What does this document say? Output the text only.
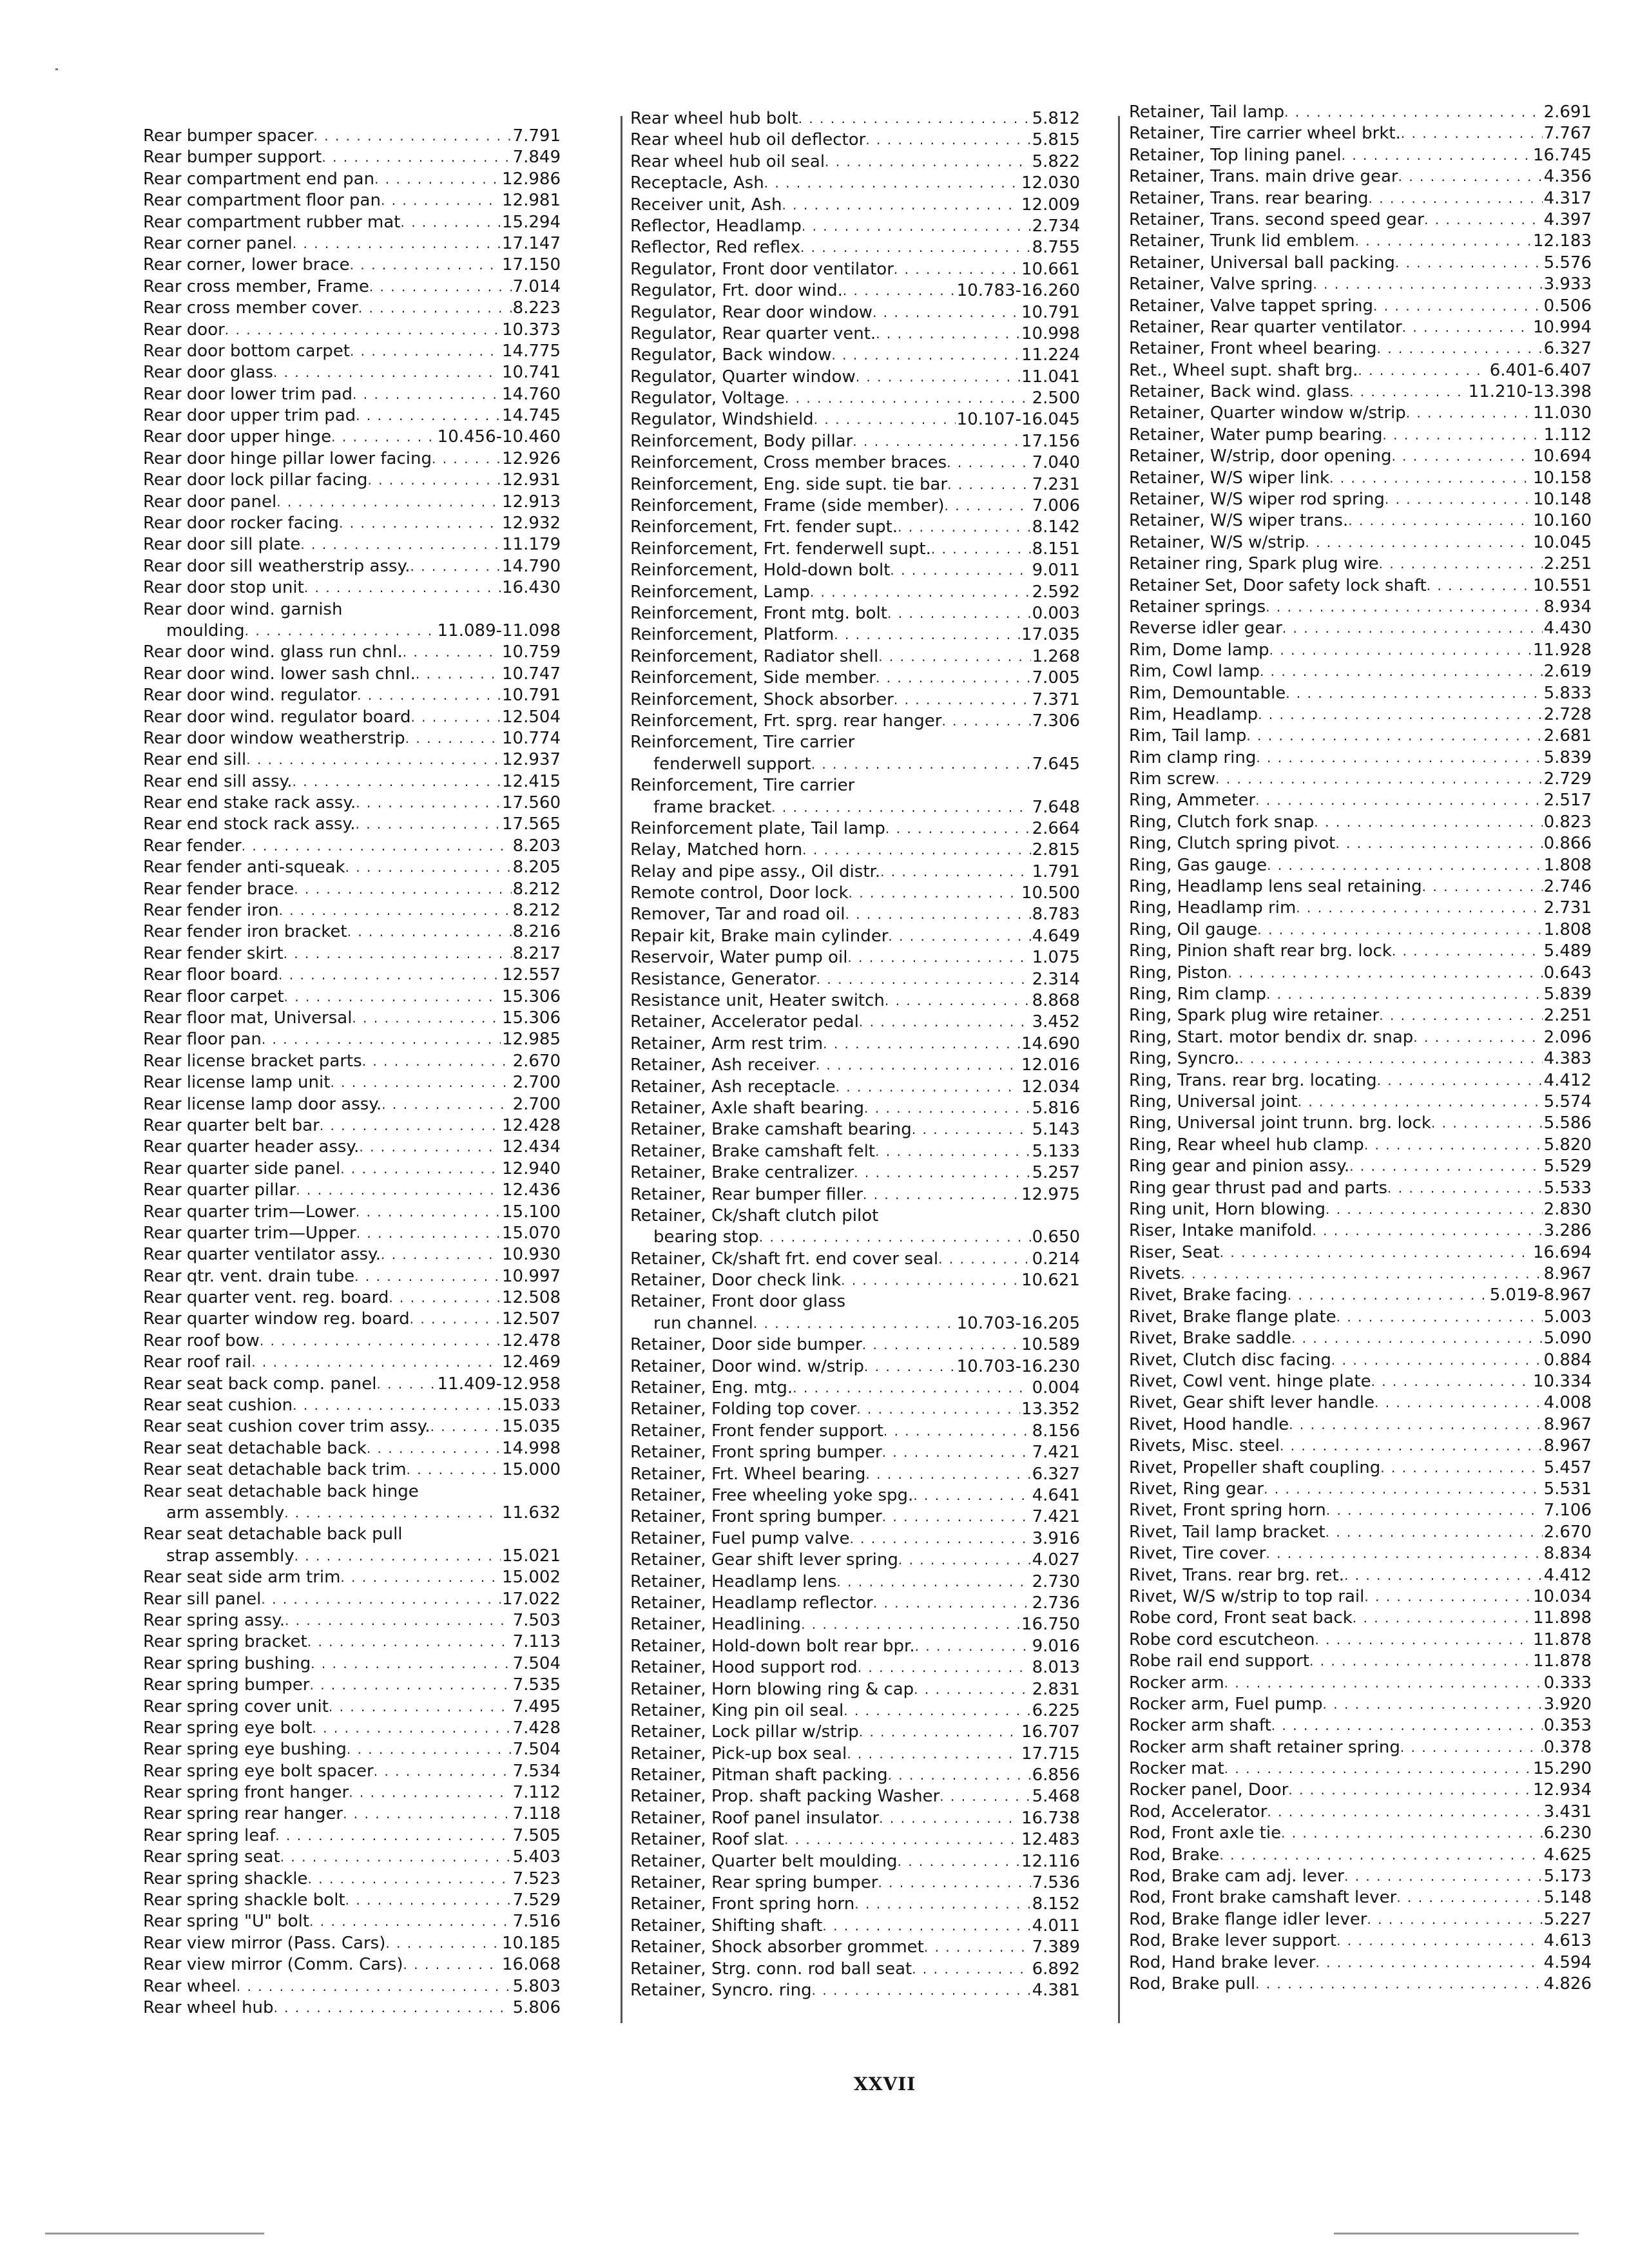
Rear bumper spacer . . .	7.791
Rear bumper support . . .	7.849
Rear compartment end pan . . .	12.986
Rear compartment floor pan . . .	12.981
Rear compartment rubber mat . . .	15.294
Rear corner panel . . .	17.147
Rear corner, lower brace . . .	17.150
Rear cross member, Frame . . .	7.014
Rear cross member cover . . .	8.223
Rear door . . .	10.373
Rear door bottom carpet . . .	14.775
Rear door glass . . .	10.741
Rear door lower trim pad . . .	14.760
Rear door upper trim pad . . .	14.745
Rear door upper hinge . . .	10.456-10.460
Rear door hinge pillar lower facing . . .	12.926
Rear door lock pillar facing . . .	12.931
Rear door panel . . .	12.913
Rear door rocker facing . . .	12.932
Rear door sill plate . . .	11.179
Rear door sill weatherstrip assy. . . .	14.790
Rear door stop unit . . .	16.430
Rear door wind. garnish
moulding . . .	11.089-11.098
Rear door wind. glass run chnl. . . .	10.759
Rear door wind. lower sash chnl. . . .	10.747
Rear door wind. regulator . . .	10.791
Rear door wind. regulator board . . .	12.504
Rear door window weatherstrip . . .	10.774
Rear end sill . . .	12.937
Rear end sill assy. . . .	12.415
Rear end stake rack assy. . . .	17.560
Rear end stock rack assy. . . .	17.565
Rear fender . . .	8.203
Rear fender anti-squeak . . .	8.205
Rear fender brace . . .	8.212
Rear fender iron . . .	8.212
Rear fender iron bracket . . .	8.216
Rear fender skirt . . .	8.217
Rear floor board . . .	12.557
Rear floor carpet . . .	15.306
Rear floor mat, Universal . . .	15.306
Rear floor pan . . .	12.985
Rear license bracket parts . . .	2.670
Rear license lamp unit . . .	2.700
Rear license lamp door assy. . . .	2.700
Rear quarter belt bar . . .	12.428
Rear quarter header assy. . . .	12.434
Rear quarter side panel . . .	12.940
Rear quarter pillar . . .	12.436
Rear quarter trim—Lower . . .	15.100
Rear quarter trim—Upper . . .	15.070
Rear quarter ventilator assy. . . .	10.930
Rear qtr. vent. drain tube . . .	10.997
Rear quarter vent. reg. board . . .	12.508
Rear quarter window reg. board . . .	12.507
Rear roof bow . . .	12.478
Rear roof rail . . .	12.469
Rear seat back comp. panel . . .	11.409-12.958
Rear seat cushion . . .	15.033
Rear seat cushion cover trim assy. . . .	15.035
Rear seat detachable back . . .	14.998
Rear seat detachable back trim . . .	15.000
Rear seat detachable back hinge
arm assembly . . .	11.632
Rear seat detachable back pull
strap assembly . . .	15.021
Rear seat side arm trim . . .	15.002
Rear sill panel . . .	17.022
Rear spring assy. . . .	7.503
Rear spring bracket . . .	7.113
Rear spring bushing . . .	7.504
Rear spring bumper . . .	7.535
Rear spring cover unit . . .	7.495
Rear spring eye bolt . . .	7.428
Rear spring eye bushing . . .	7.504
Rear spring eye bolt spacer . . .	7.534
Rear spring front hanger . . .	7.112
Rear spring rear hanger . . .	7.118
Rear spring leaf . . .	7.505
Rear spring seat . . .	5.403
Rear spring shackle . . .	7.523
Rear spring shackle bolt . . .	7.529
Rear spring "U" bolt . . .	7.516
Rear view mirror (Pass. Cars) . . .	10.185
Rear view mirror (Comm. Cars) . . .	16.068
Rear wheel . . .	5.803
Rear wheel hub . . .	5.806
Rear wheel hub bolt . . .	5.812
Rear wheel hub oil deflector . . .	5.815
Rear wheel hub oil seal . . .	5.822
Receptacle, Ash . . .	12.030
Receiver unit, Ash . . .	12.009
Reflector, Headlamp . . .	2.734
Reflector, Red reflex . . .	8.755
Regulator, Front door ventilator . . .	10.661
Regulator, Frt. door wind. . . .	10.783-16.260
Regulator, Rear door window . . .	10.791
Regulator, Rear quarter vent. . . .	10.998
Regulator, Back window . . .	11.224
Regulator, Quarter window . . .	11.041
Regulator, Voltage . . .	2.500
Regulator, Windshield . . .	10.107-16.045
Reinforcement, Body pillar . . .	17.156
Reinforcement, Cross member braces . . .	7.040
Reinforcement, Eng. side supt. tie bar . . .	7.231
Reinforcement, Frame (side member) . . .	7.006
Reinforcement, Frt. fender supt. . . .	8.142
Reinforcement, Frt. fenderwell supt. . . .	8.151
Reinforcement, Hold-down bolt . . .	9.011
Reinforcement, Lamp . . .	2.592
Reinforcement, Front mtg. bolt . . .	0.003
Reinforcement, Platform . . .	17.035
Reinforcement, Radiator shell . . .	1.268
Reinforcement, Side member . . .	7.005
Reinforcement, Shock absorber . . .	7.371
Reinforcement, Frt. sprg. rear hanger . . .	7.306
Reinforcement, Tire carrier
fenderwell support . . .	7.645
Reinforcement, Tire carrier
frame bracket . . .	7.648
Reinforcement plate, Tail lamp . . .	2.664
Relay, Matched horn . . .	2.815
Relay and pipe assy., Oil distr. . . .	1.791
Remote control, Door lock . . .	10.500
Remover, Tar and road oil . . .	8.783
Repair kit, Brake main cylinder . . .	4.649
Reservoir, Water pump oil . . .	1.075
Resistance, Generator . . .	2.314
Resistance unit, Heater switch . . .	8.868
Retainer, Accelerator pedal . . .	3.452
Retainer, Arm rest trim . . .	14.690
Retainer, Ash receiver . . .	12.016
Retainer, Ash receptacle . . .	12.034
Retainer, Axle shaft bearing . . .	5.816
Retainer, Brake camshaft bearing . . .	5.143
Retainer, Brake camshaft felt . . .	5.133
Retainer, Brake centralizer . . .	5.257
Retainer, Rear bumper filler . . .	12.975
Retainer, Ck/shaft clutch pilot
bearing stop . . .	0.650
Retainer, Ck/shaft frt. end cover seal . . .	0.214
Retainer, Door check link . . .	10.621
Retainer, Front door glass
run channel . . .	10.703-16.205
Retainer, Door side bumper . . .	10.589
Retainer, Door wind. w/strip . . .	10.703-16.230
Retainer, Eng. mtg. . . .	0.004
Retainer, Folding top cover . . .	13.352
Retainer, Front fender support . . .	8.156
Retainer, Front spring bumper . . .	7.421
Retainer, Frt. Wheel bearing . . .	6.327
Retainer, Free wheeling yoke spg. . . .	4.641
Retainer, Front spring bumper . . .	7.421
Retainer, Fuel pump valve . . .	3.916
Retainer, Gear shift lever spring . . .	4.027
Retainer, Headlamp lens . . .	2.730
Retainer, Headlamp reflector . . .	2.736
Retainer, Headlining . . .	16.750
Retainer, Hold-down bolt rear bpr. . . .	9.016
Retainer, Hood support rod . . .	8.013
Retainer, Horn blowing ring & cap . . .	2.831
Retainer, King pin oil seal . . .	6.225
Retainer, Lock pillar w/strip . . .	16.707
Retainer, Pick-up box seal . . .	17.715
Retainer, Pitman shaft packing . . .	6.856
Retainer, Prop. shaft packing Washer . . .	5.468
Retainer, Roof panel insulator . . .	16.738
Retainer, Roof slat . . .	12.483
Retainer, Quarter belt moulding . . .	12.116
Retainer, Rear spring bumper . . .	7.536
Retainer, Front spring horn . . .	8.152
Retainer, Shifting shaft . . .	4.011
Retainer, Shock absorber grommet . . .	7.389
Retainer, Strg. conn. rod ball seat . . .	6.892
Retainer, Syncro. ring . . .	4.381
Retainer, Tail lamp . . .	2.691
Retainer, Tire carrier wheel brkt. . . .	7.767
Retainer, Top lining panel . . .	16.745
Retainer, Trans. main drive gear . . .	4.356
Retainer, Trans. rear bearing . . .	4.317
Retainer, Trans. second speed gear . . .	4.397
Retainer, Trunk lid emblem . . .	12.183
Retainer, Universal ball packing . . .	5.576
Retainer, Valve spring . . .	3.933
Retainer, Valve tappet spring . . .	0.506
Retainer, Rear quarter ventilator . . .	10.994
Retainer, Front wheel bearing . . .	6.327
Ret., Wheel supt. shaft brg. . . .	6.401-6.407
Retainer, Back wind. glass . . .	11.210-13.398
Retainer, Quarter window w/strip . . .	11.030
Retainer, Water pump bearing . . .	1.112
Retainer, W/strip, door opening . . .	10.694
Retainer, W/S wiper link . . .	10.158
Retainer, W/S wiper rod spring . . .	10.148
Retainer, W/S wiper trans. . . .	10.160
Retainer, W/S w/strip . . .	10.045
Retainer ring, Spark plug wire . . .	2.251
Retainer Set, Door safety lock shaft . . .	10.551
Retainer springs . . .	8.934
Reverse idler gear . . .	4.430
Rim, Dome lamp . . .	11.928
Rim, Cowl lamp . . .	2.619
Rim, Demountable . . .	5.833
Rim, Headlamp . . .	2.728
Rim, Tail lamp . . .	2.681
Rim clamp ring . . .	5.839
Rim screw . . .	2.729
Ring, Ammeter . . .	2.517
Ring, Clutch fork snap . . .	0.823
Ring, Clutch spring pivot . . .	0.866
Ring, Gas gauge . . .	1.808
Ring, Headlamp lens seal retaining . . .	2.746
Ring, Headlamp rim . . .	2.731
Ring, Oil gauge . . .	1.808
Ring, Pinion shaft rear brg. lock . . .	5.489
Ring, Piston . . .	0.643
Ring, Rim clamp . . .	5.839
Ring, Spark plug wire retainer . . .	2.251
Ring, Start. motor bendix dr. snap . . .	2.096
Ring, Syncro. . . .	4.383
Ring, Trans. rear brg. locating . . .	4.412
Ring, Universal joint . . .	5.574
Ring, Universal joint trunn. brg. lock . . .	5.586
Ring, Rear wheel hub clamp . . .	5.820
Ring gear and pinion assy. . . .	5.529
Ring gear thrust pad and parts . . .	5.533
Ring unit, Horn blowing . . .	2.830
Riser, Intake manifold . . .	3.286
Riser, Seat . . .	16.694
Rivets . . .	8.967
Rivet, Brake facing . . .	5.019-8.967
Rivet, Brake flange plate . . .	5.003
Rivet, Brake saddle . . .	5.090
Rivet, Clutch disc facing . . .	0.884
Rivet, Cowl vent. hinge plate . . .	10.334
Rivet, Gear shift lever handle . . .	4.008
Rivet, Hood handle . . .	8.967
Rivets, Misc. steel . . .	8.967
Rivet, Propeller shaft coupling . . .	5.457
Rivet, Ring gear . . .	5.531
Rivet, Front spring horn . . .	7.106
Rivet, Tail lamp bracket . . .	2.670
Rivet, Tire cover . . .	8.834
Rivet, Trans. rear brg. ret. . . .	4.412
Rivet, W/S w/strip to top rail . . .	10.034
Robe cord, Front seat back . . .	11.898
Robe cord escutcheon . . .	11.878
Robe rail end support . . .	11.878
Rocker arm . . .	0.333
Rocker arm, Fuel pump . . .	3.920
Rocker arm shaft . . .	0.353
Rocker arm shaft retainer spring . . .	0.378
Rocker mat . . .	15.290
Rocker panel, Door . . .	12.934
Rod, Accelerator . . .	3.431
Rod, Front axle tie . . .	6.230
Rod, Brake . . .	4.625
Rod, Brake cam adj. lever . . .	5.173
Rod, Front brake camshaft lever . . .	5.148
Rod, Brake flange idler lever . . .	5.227
Rod, Brake lever support . . .	4.613
Rod, Hand brake lever . . .	4.594
Rod, Brake pull . . .	4.826
XXVII
